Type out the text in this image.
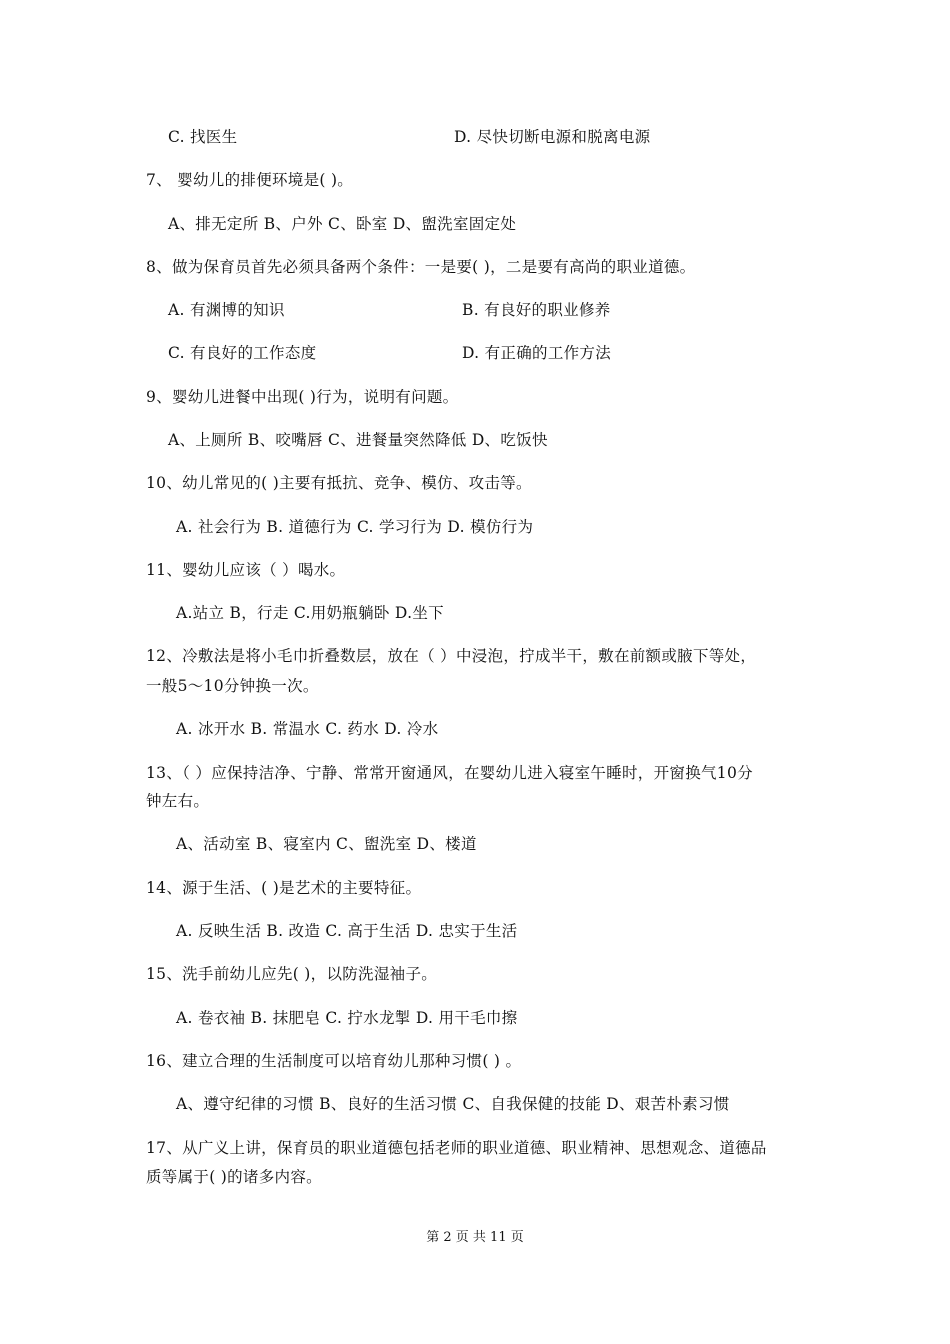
C. 找医生	D. 尽快切断电源和脱离电源
7、 婴幼儿的排便环境是( )。
A、排无定所 B、户外 C、卧室 D、盥洗室固定处
8、做为保育员首先必须具备两个条件：一是要( )，二是要有高尚的职业道德。
A. 有渊博的知识	B. 有良好的职业修养
C. 有良好的工作态度	D. 有正确的工作方法
9、婴幼儿进餐中出现( )行为，说明有问题。
A、上厕所 B、咬嘴唇 C、进餐量突然降低 D、吃饭快
10、幼儿常见的( )主要有抵抗、竞争、模仿、攻击等。
A. 社会行为 B. 道德行为 C. 学习行为 D. 模仿行为
11、婴幼儿应该（ ）喝水。
A.站立 B，行走 C.用奶瓶躺卧 D.坐下
12、冷敷法是将小毛巾折叠数层，放在（ ）中浸泡，拧成半干，敷在前额或腋下等处，
一般5～10分钟换一次。
A. 冰开水 B. 常温水 C. 药水 D. 冷水
13、（ ）应保持洁净、宁静、常常开窗通风，在婴幼儿进入寝室午睡时，开窗换气10分
钟左右。
A、活动室 B、寝室内 C、盥洗室 D、楼道
14、源于生活、( )是艺术的主要特征。
A. 反映生活 B. 改造 C. 高于生活 D. 忠实于生活
15、洗手前幼儿应先( )，以防洗湿袖子。
A. 卷衣袖 B. 抹肥皂 C. 拧水龙掣 D. 用干毛巾擦
16、建立合理的生活制度可以培育幼儿那种习惯( ) 。
A、遵守纪律的习惯 B、良好的生活习惯 C、自我保健的技能 D、艰苦朴素习惯
17、从广义上讲，保育员的职业道德包括老师的职业道德、职业精神、思想观念、道德品
质等属于( )的诸多内容。
第 2 页 共 11 页
